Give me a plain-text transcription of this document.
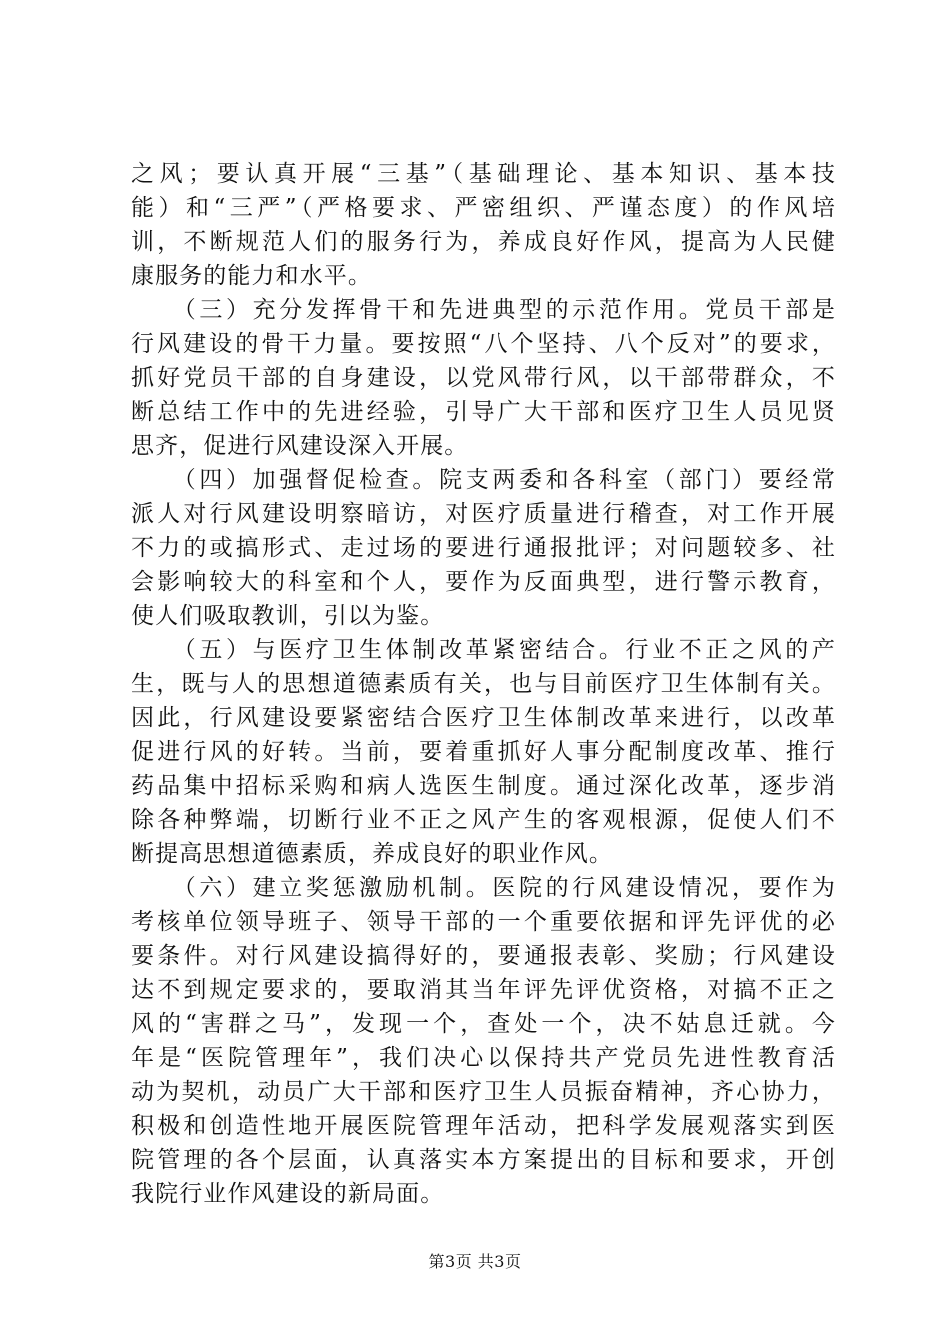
之风；要认真开展“三基”（基础理论、基本知识、基本技
能）和“三严”（严格要求、严密组织、严谨态度）的作风培
训，不断规范人们的服务行为，养成良好作风，提高为人民健
康服务的能力和水平。
　　（三）充分发挥骨干和先进典型的示范作用。党员干部是
行风建设的骨干力量。要按照“八个坚持、八个反对”的要求，
抓好党员干部的自身建设，以党风带行风，以干部带群众，不
断总结工作中的先进经验，引导广大干部和医疗卫生人员见贤
思齐，促进行风建设深入开展。
　　（四）加强督促检查。院支两委和各科室（部门）要经常
派人对行风建设明察暗访，对医疗质量进行稽查，对工作开展
不力的或搞形式、走过场的要进行通报批评；对问题较多、社
会影响较大的科室和个人，要作为反面典型，进行警示教育，
使人们吸取教训，引以为鉴。
　　（五）与医疗卫生体制改革紧密结合。行业不正之风的产
生，既与人的思想道德素质有关，也与目前医疗卫生体制有关。
因此，行风建设要紧密结合医疗卫生体制改革来进行，以改革
促进行风的好转。当前，要着重抓好人事分配制度改革、推行
药品集中招标采购和病人选医生制度。通过深化改革，逐步消
除各种弊端，切断行业不正之风产生的客观根源，促使人们不
断提高思想道德素质，养成良好的职业作风。
　　（六）建立奖惩激励机制。医院的行风建设情况，要作为
考核单位领导班子、领导干部的一个重要依据和评先评优的必
要条件。对行风建设搞得好的，要通报表彰、奖励；行风建设
达不到规定要求的，要取消其当年评先评优资格，对搞不正之
风的“害群之马”，发现一个，查处一个，决不姑息迁就。今
年是“医院管理年”，我们决心以保持共产党员先进性教育活
动为契机，动员广大干部和医疗卫生人员振奋精神，齐心协力，
积极和创造性地开展医院管理年活动，把科学发展观落实到医
院管理的各个层面，认真落实本方案提出的目标和要求，开创
我院行业作风建设的新局面。
第3页 共3页
